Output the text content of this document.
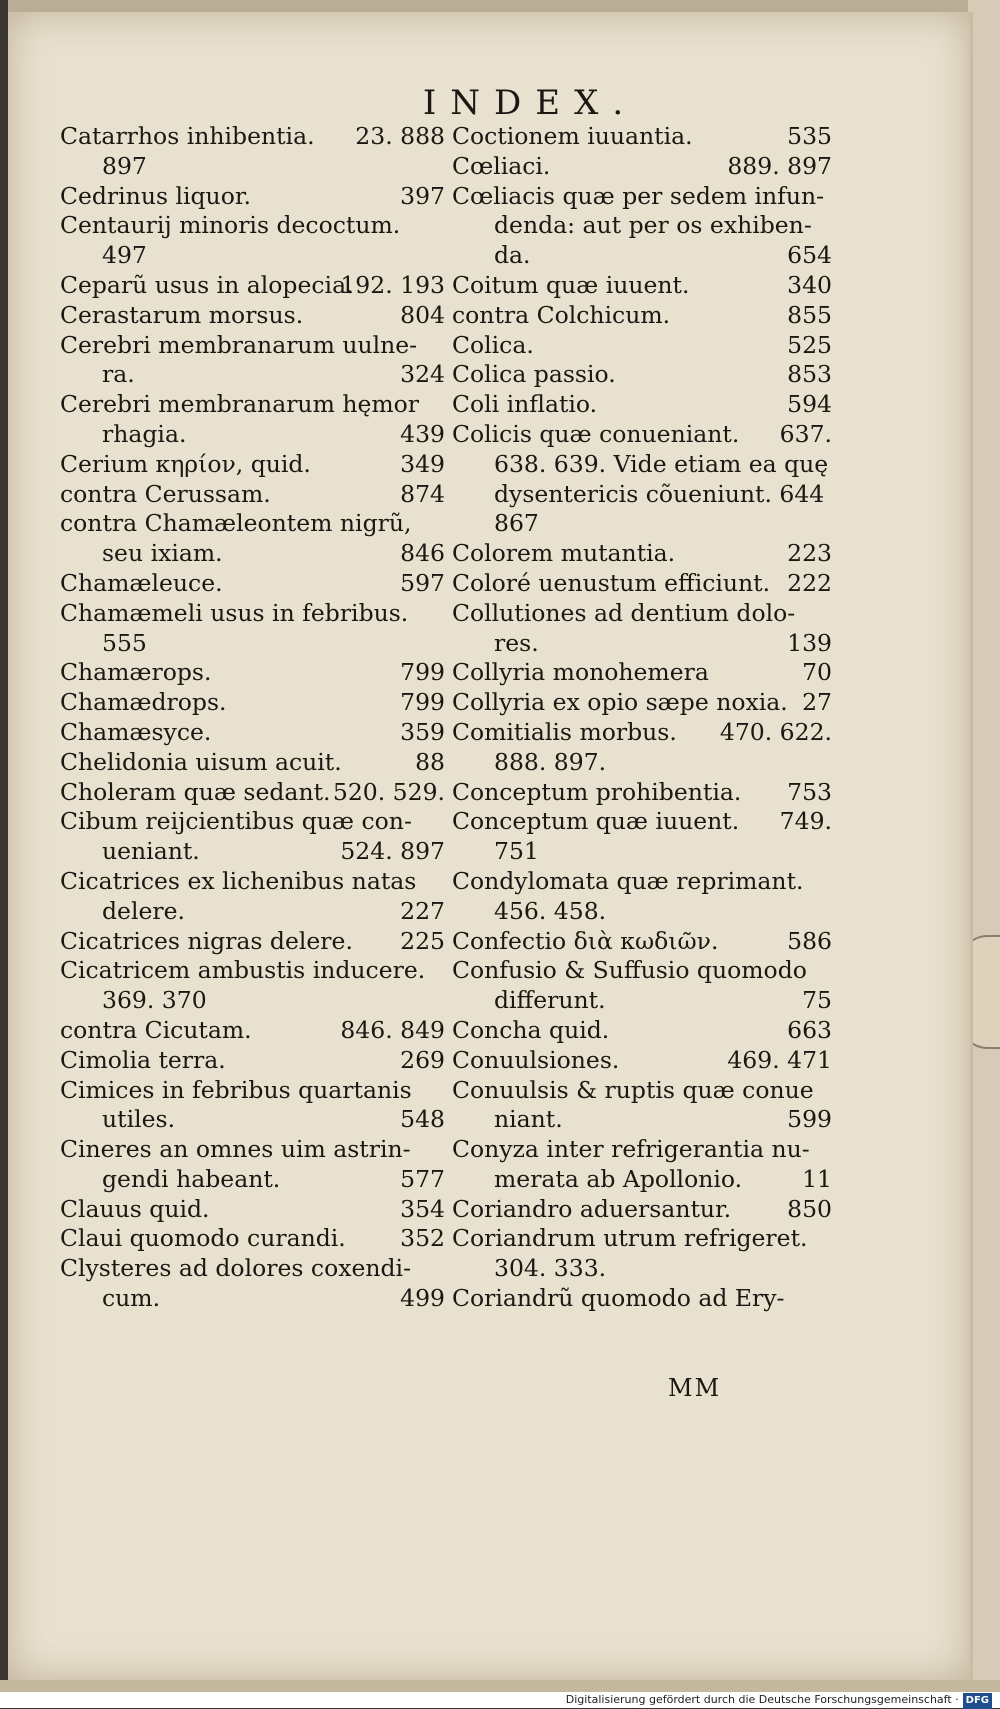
INDEX.
Catarrhos inhibentia. 23. 888
897
Cedrinus liquor.	397
Centaurij minoris decoctum.
497
Ceparũ usus in alopecia.
192. 193
Cerastarum morsus.	804
Cerebri membranarum uulne-
ra.	324
Cerebri membranarum hęmor
rhagia.	439
Cerium κηρίον, quid.	349
contra Cerussam.	874
contra Chamæleontem nigrũ,
seu ixiam.	846
Chamæleuce.	597
Chamæmeli usus in febribus.
555
Chamærops.	799
Chamædrops.	799
Chamæsyce.	359
Chelidonia uisum acuit.	88
Choleram quæ sedant. 520. 529.
Cibum reijcientibus quæ con-
ueniant.	524. 897
Cicatrices ex lichenibus natas
delere.	227
Cicatrices nigras delere. 225
Cicatricem ambustis inducere.
369. 370
contra Cicutam.	846. 849
Cimolia terra.	269
Cimices in febribus quartanis
utiles.	548
Cineres an omnes uim astrin-
gendi habeant.	577
Clauus quid.	354
Claui quomodo curandi. 352
Clysteres ad dolores coxendi-
cum.	499
Coctionem iuuantia.	535
Cœliaci.	889. 897
Cœliacis quæ per sedem infun-
denda: aut per os exhiben-
da.	654
Coitum quæ iuuent.	340
contra Colchicum.	855
Colica.	525
Colica passio.	853
Coli inflatio.	594
Colicis quæ conueniant. 637.
638. 639. Vide etiam ea quę
dysentericis cõueniunt. 644
867
Colorem mutantia.	223
Coloré uenustum efficiunt. 222
Collutiones ad dentium dolo-
res.	139
Collyria monohemera	70
Collyria ex opio sæpe noxia. 27
Comitialis morbus. 470. 622.
888. 897.
Conceptum prohibentia. 753
Conceptum quæ iuuent. 749.
751
Condylomata quæ reprimant.
456. 458.
Confectio διὰ κωδιῶν.	586
Confusio & Suffusio quomodo
differunt.	75
Concha quid.	663
Conuulsiones.	469. 471
Conuulsis & ruptis quæ conue
niant.	599
Conyza inter refrigerantia nu-
merata ab Apollonio.	11
Coriandro aduersantur. 850
Coriandrum utrum refrigeret.
304. 333.
Coriandrũ quomodo ad Ery-
MM
Digitalisierung gefördert durch die Deutsche Forschungsgemeinschaft · DFG
